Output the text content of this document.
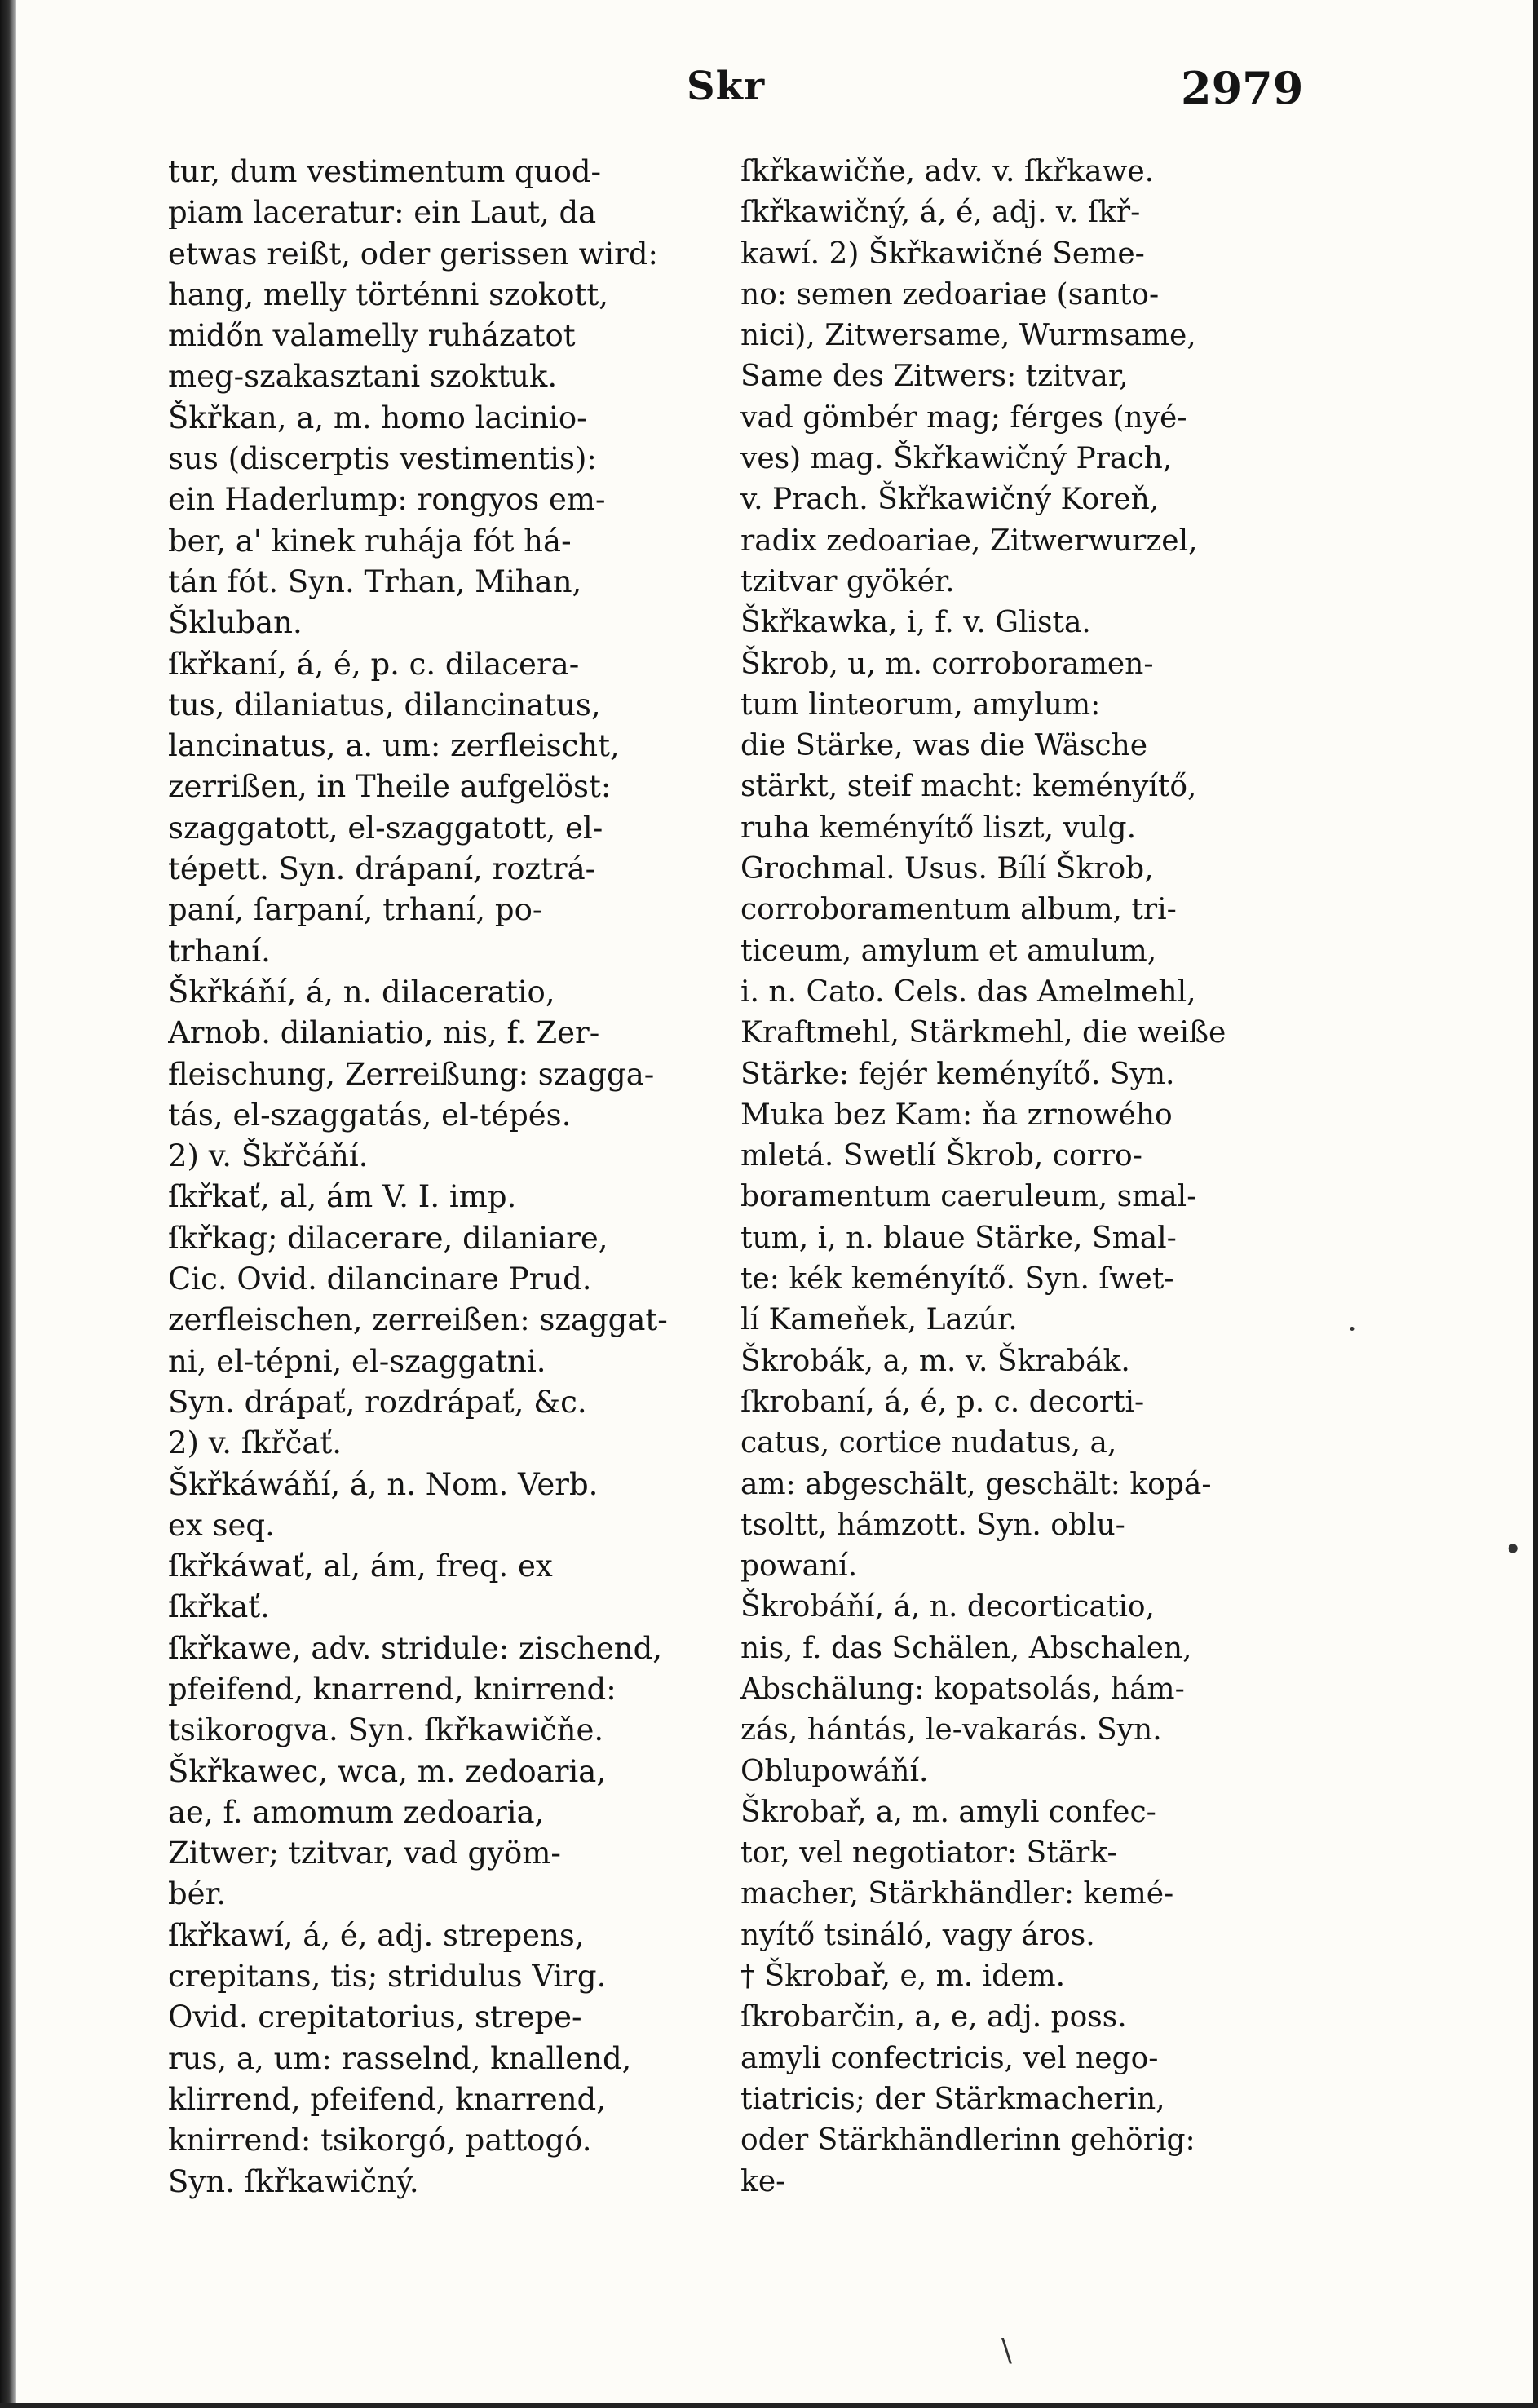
Skr	2979
tur, dum vestimentum quod-
piam laceratur: ein Laut, da
etwas reißt, oder gerissen wird:
hang, melly történni szokott,
midőn valamelly ruházatot
meg-szakasztani szoktuk.
Škřkan, a, m. homo lacinio-
sus (discerptis vestimentis):
ein Haderlump: rongyos em-
ber, a' kinek ruhája fót há-
tán fót. Syn. Trhan, Mihan,
Škluban.
ſkřkaní, á, é, p. c. dilacera-
tus, dilaniatus, dilancinatus,
lancinatus, a. um: zerfleischt,
zerrißen, in Theile aufgelöst:
szaggatott, el-szaggatott, el-
tépett. Syn. drápaní, roztrá-
paní, ſarpaní, trhaní, po-
trhaní.
Škřkáňí, á, n. dilaceratio,
Arnob. dilaniatio, nis, f. Zer-
fleischung, Zerreißung: szagga-
tás, el-szaggatás, el-tépés.
2) v. Škřčáňí.
ſkřkať, al, ám V. I. imp.
ſkřkag; dilacerare, dilaniare,
Cic. Ovid. dilancinare Prud.
zerfleischen, zerreißen: szaggat-
ni, el-tépni, el-szaggatni.
Syn. drápať, rozdrápať, &c.
2) v. ſkřčať.
Škřkáwáňí, á, n. Nom. Verb.
ex seq.
ſkřkáwať, al, ám, freq. ex
ſkřkať.
ſkřkawe, adv. stridule: zischend,
pfeifend, knarrend, knirrend:
tsikorogva. Syn. ſkřkawičňe.
Škřkawec, wca, m. zedoaria,
ae, f. amomum zedoaria,
Zitwer; tzitvar, vad gyöm-
bér.
ſkřkawí, á, é, adj. strepens,
crepitans, tis; stridulus Virg.
Ovid. crepitatorius, strepe-
rus, a, um: rasselnd, knallend,
klirrend, pfeifend, knarrend,
knirrend: tsikorgó, pattogó.
Syn. ſkřkawičný.
ſkřkawičňe, adv. v. ſkřkawe.
ſkřkawičný, á, é, adj. v. ſkř-
kawí. 2) Škřkawičné Seme-
no: semen zedoariae (santo-
nici), Zitwersame, Wurmsame,
Same des Zitwers: tzitvar,
vad gömbér mag; férges (nyé-
ves) mag. Škřkawičný Prach,
v. Prach. Škřkawičný Koreň,
radix zedoariae, Zitwerwurzel,
tzitvar gyökér.
Škřkawka, i, f. v. Glista.
Škrob, u, m. corroboramen-
tum linteorum, amylum:
die Stärke, was die Wäsche
stärkt, steif macht: keményítő,
ruha keményítő liszt, vulg.
Grochmal. Usus. Bílí Škrob,
corroboramentum album, tri-
ticeum, amylum et amulum,
i. n. Cato. Cels. das Amelmehl,
Kraftmehl, Stärkmehl, die weiße
Stärke: fejér keményítő. Syn.
Muka bez Kam: ňa zrnowého
mletá. Swetlí Škrob, corro-
boramentum caeruleum, smal-
tum, i, n. blaue Stärke, Smal-
te: kék keményítő. Syn. ſwet-
lí Kameňek, Lazúr.
Škrobák, a, m. v. Škrabák.
ſkrobaní, á, é, p. c. decorti-
catus, cortice nudatus, a,
am: abgeschält, geschält: kopá-
tsoltt, hámzott. Syn. oblu-
powaní.
Škrobáňí, á, n. decorticatio,
nis, f. das Schälen, Abschalen,
Abschälung: kopatsolás, hám-
zás, hántás, le-vakarás. Syn.
Oblupowáňí.
Škrobař, a, m. amyli confec-
tor, vel negotiator: Stärk-
macher, Stärkhändler: kemé-
nyítő tsináló, vagy áros.
† Škrobař, e, m. idem.
ſkrobarčin, a, e, adj. poss.
amyli confectricis, vel nego-
tiatricis; der Stärkmacherin,
oder Stärkhändlerinn gehörig:
ke-
•
·
\
